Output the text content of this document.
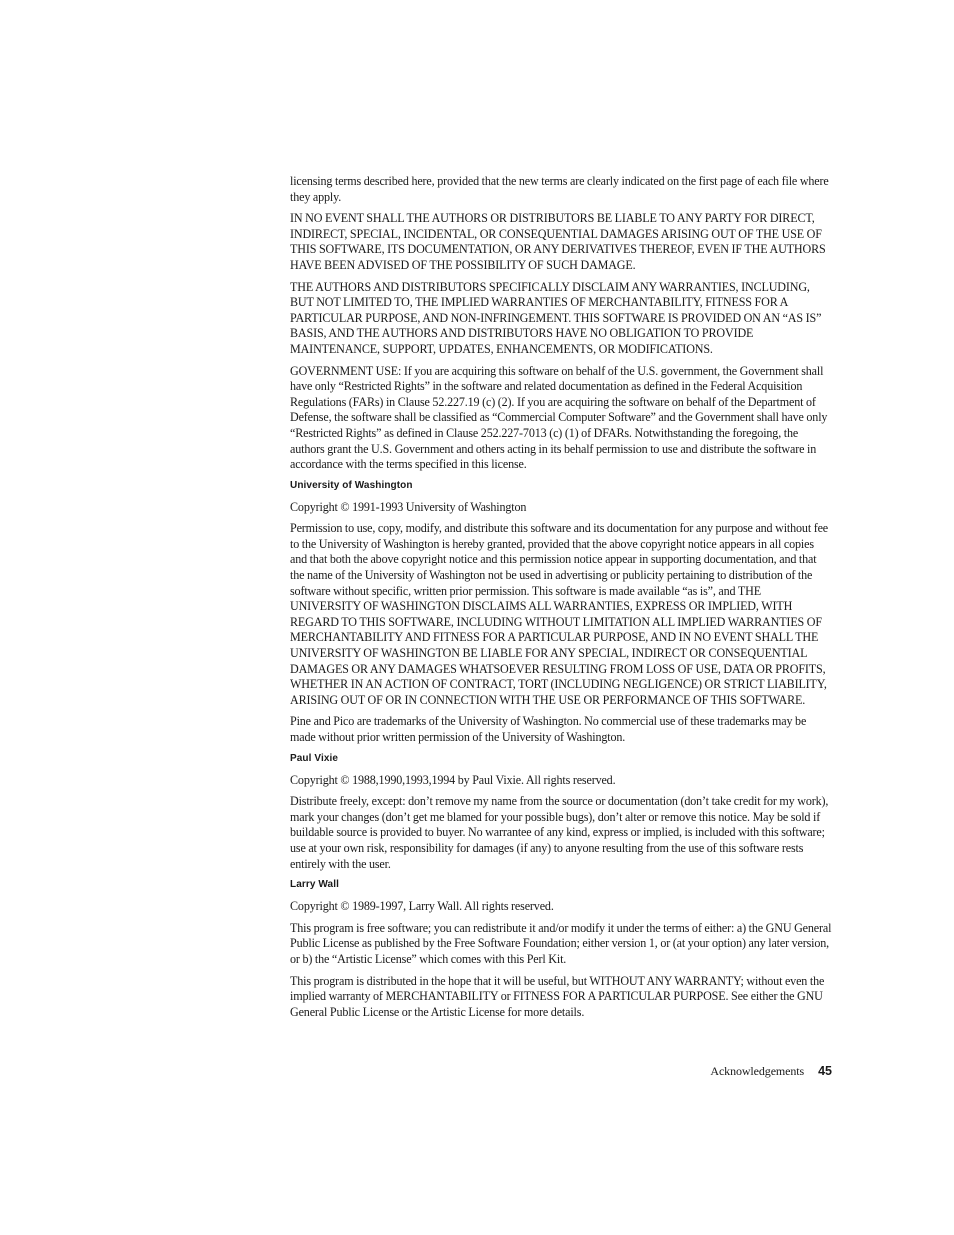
licensing terms described here, provided that the new terms are clearly indicated on the first page of each file where they apply.

IN NO EVENT SHALL THE AUTHORS OR DISTRIBUTORS BE LIABLE TO ANY PARTY FOR DIRECT, INDIRECT, SPECIAL, INCIDENTAL, OR CONSEQUENTIAL DAMAGES ARISING OUT OF THE USE OF THIS SOFTWARE, ITS DOCUMENTATION, OR ANY DERIVATIVES THEREOF, EVEN IF THE AUTHORS HAVE BEEN ADVISED OF THE POSSIBILITY OF SUCH DAMAGE.

THE AUTHORS AND DISTRIBUTORS SPECIFICALLY DISCLAIM ANY WARRANTIES, INCLUDING, BUT NOT LIMITED TO, THE IMPLIED WARRANTIES OF MERCHANTABILITY, FITNESS FOR A PARTICULAR PURPOSE, AND NON-INFRINGEMENT. THIS SOFTWARE IS PROVIDED ON AN “AS IS” BASIS, AND THE AUTHORS AND DISTRIBUTORS HAVE NO OBLIGATION TO PROVIDE MAINTENANCE, SUPPORT, UPDATES, ENHANCEMENTS, OR MODIFICATIONS.

GOVERNMENT USE: If you are acquiring this software on behalf of the U.S. government, the Government shall have only “Restricted Rights” in the software and related documentation as defined in the Federal Acquisition Regulations (FARs) in Clause 52.227.19 (c) (2). If you are acquiring the software on behalf of the Department of Defense, the software shall be classified as “Commercial Computer Software” and the Government shall have only “Restricted Rights” as defined in Clause 252.227-7013 (c) (1) of DFARs. Notwithstanding the foregoing, the authors grant the U.S. Government and others acting in its behalf permission to use and distribute the software in accordance with the terms specified in this license.

University of Washington

Copyright © 1991-1993 University of Washington

Permission to use, copy, modify, and distribute this software and its documentation for any purpose and without fee to the University of Washington is hereby granted, provided that the above copyright notice appears in all copies and that both the above copyright notice and this permission notice appear in supporting documentation, and that the name of the University of Washington not be used in advertising or publicity pertaining to distribution of the software without specific, written prior permission. This software is made available “as is”, and THE UNIVERSITY OF WASHINGTON DISCLAIMS ALL WARRANTIES, EXPRESS OR IMPLIED, WITH REGARD TO THIS SOFTWARE, INCLUDING WITHOUT LIMITATION ALL IMPLIED WARRANTIES OF MERCHANTABILITY AND FITNESS FOR A PARTICULAR PURPOSE, AND IN NO EVENT SHALL THE UNIVERSITY OF WASHINGTON BE LIABLE FOR ANY SPECIAL, INDIRECT OR CONSEQUENTIAL DAMAGES OR ANY DAMAGES WHATSOEVER RESULTING FROM LOSS OF USE, DATA OR PROFITS, WHETHER IN AN ACTION OF CONTRACT, TORT (INCLUDING NEGLIGENCE) OR STRICT LIABILITY, ARISING OUT OF OR IN CONNECTION WITH THE USE OR PERFORMANCE OF THIS SOFTWARE.

Pine and Pico are trademarks of the University of Washington. No commercial use of these trademarks may be made without prior written permission of the University of Washington.

Paul Vixie

Copyright © 1988,1990,1993,1994 by Paul Vixie. All rights reserved.

Distribute freely, except: don’t remove my name from the source or documentation (don’t take credit for my work), mark your changes (don’t get me blamed for your possible bugs), don’t alter or remove this notice. May be sold if buildable source is provided to buyer. No warrantee of any kind, express or implied, is included with this software; use at your own risk, responsibility for damages (if any) to anyone resulting from the use of this software rests entirely with the user.

Larry Wall

Copyright © 1989-1997, Larry Wall. All rights reserved.

This program is free software; you can redistribute it and/or modify it under the terms of either: a) the GNU General Public License as published by the Free Software Foundation; either version 1, or (at your option) any later version, or b) the “Artistic License” which comes with this Perl Kit.

This program is distributed in the hope that it will be useful, but WITHOUT ANY WARRANTY; without even the implied warranty of MERCHANTABILITY or FITNESS FOR A PARTICULAR PURPOSE. See either the GNU General Public License or the Artistic License for more details.

Acknowledgements 45
